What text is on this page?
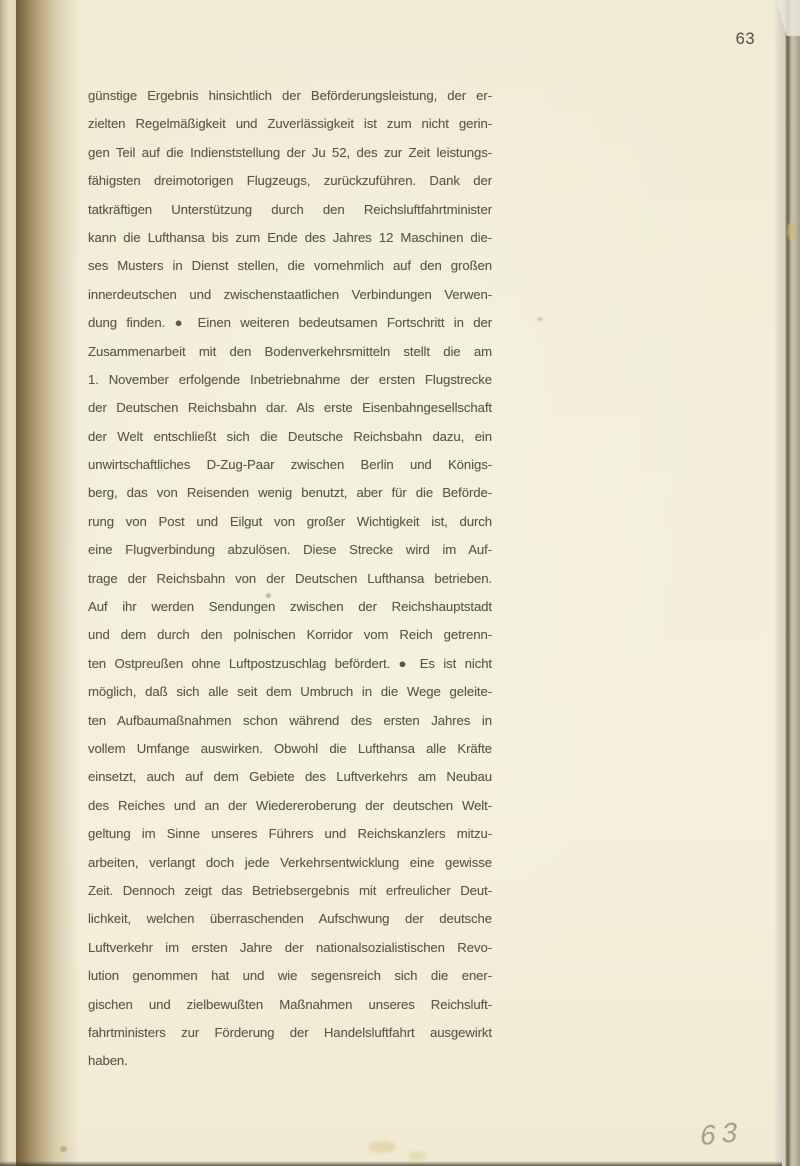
63
günstige Ergebnis hinsichtlich der Beförderungsleistung, der er-
zielten Regelmäßigkeit und Zuverlässigkeit ist zum nicht gerin-
gen Teil auf die Indienststellung der Ju 52, des zur Zeit leistungs-
fähigsten dreimotorigen Flugzeugs, zurückzuführen. Dank der
tatkräftigen Unterstützung durch den Reichsluftfahrtminister
kann die Lufthansa bis zum Ende des Jahres 12 Maschinen die-
ses Musters in Dienst stellen, die vornehmlich auf den großen
innerdeutschen und zwischenstaatlichen Verbindungen Verwen-
dung finden. ● Einen weiteren bedeutsamen Fortschritt in der
Zusammenarbeit mit den Bodenverkehrsmitteln stellt die am
1. November erfolgende Inbetriebnahme der ersten Flugstrecke
der Deutschen Reichsbahn dar. Als erste Eisenbahngesellschaft
der Welt entschließt sich die Deutsche Reichsbahn dazu, ein
unwirtschaftliches D-Zug-Paar zwischen Berlin und Königs-
berg, das von Reisenden wenig benutzt, aber für die Beförde-
rung von Post und Eilgut von großer Wichtigkeit ist, durch
eine Flugverbindung abzulösen. Diese Strecke wird im Auf-
trage der Reichsbahn von der Deutschen Lufthansa betrieben.
Auf ihr werden Sendungen zwischen der Reichshauptstadt
und dem durch den polnischen Korridor vom Reich getrenn-
ten Ostpreußen ohne Luftpostzuschlag befördert. ● Es ist nicht
möglich, daß sich alle seit dem Umbruch in die Wege geleite-
ten Aufbaumaßnahmen schon während des ersten Jahres in
vollem Umfange auswirken. Obwohl die Lufthansa alle Kräfte
einsetzt, auch auf dem Gebiete des Luftverkehrs am Neubau
des Reiches und an der Wiedereroberung der deutschen Welt-
geltung im Sinne unseres Führers und Reichskanzlers mitzu-
arbeiten, verlangt doch jede Verkehrsentwicklung eine gewisse
Zeit. Dennoch zeigt das Betriebsergebnis mit erfreulicher Deut-
lichkeit, welchen überraschenden Aufschwung der deutsche
Luftverkehr im ersten Jahre der nationalsozialistischen Revo-
lution genommen hat und wie segensreich sich die ener-
gischen und zielbewußten Maßnahmen unseres Reichsluft-
fahrtministers zur Förderung der Handelsluftfahrt ausgewirkt
haben.
63
